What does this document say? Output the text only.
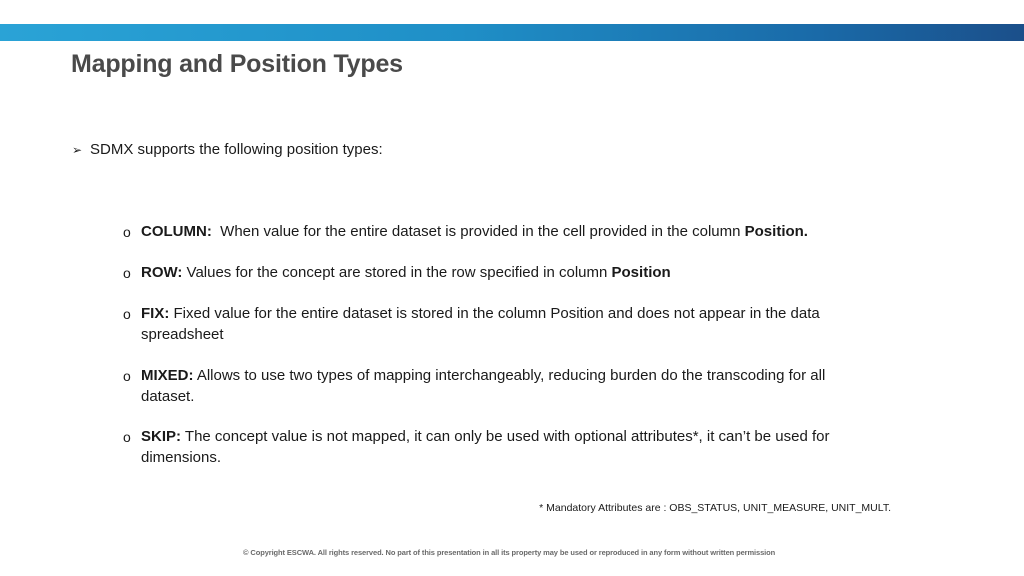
Mapping and Position Types
➢ SDMX supports the following position types:
o COLUMN:  When value for the entire dataset is provided in the cell provided in the column Position.
o ROW: Values for the concept are stored in the row specified in column Position
o FIX: Fixed value for the entire dataset is stored in the column Position and does not appear in the data spreadsheet
o MIXED: Allows to use two types of mapping interchangeably, reducing burden do the transcoding for all dataset.
o SKIP: The concept value is not mapped, it can only be used with optional attributes*, it can’t be used for dimensions.
* Mandatory Attributes are : OBS_STATUS, UNIT_MEASURE, UNIT_MULT.
© Copyright ESCWA. All rights reserved. No part of this presentation in all its property may be used or reproduced in any form without written permission
